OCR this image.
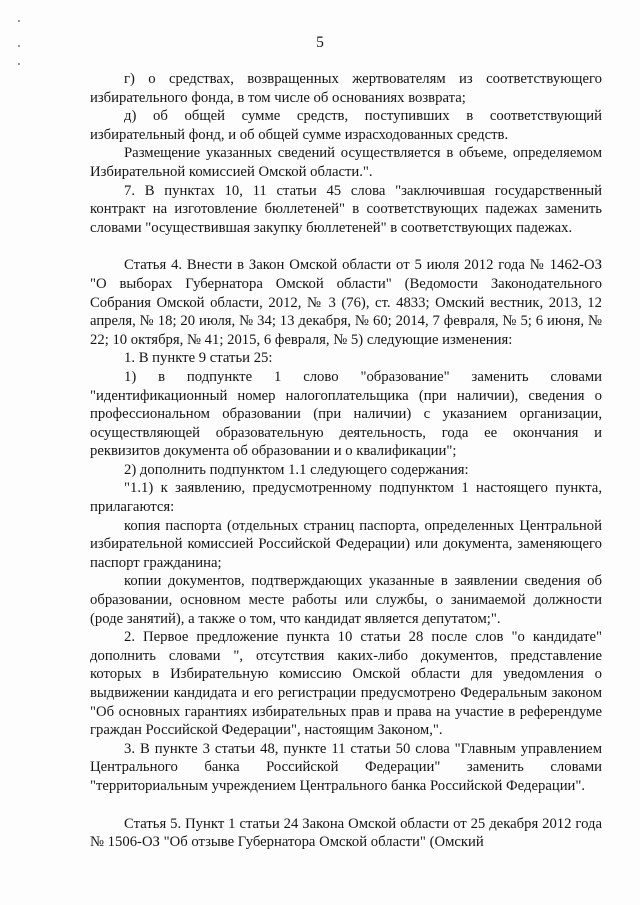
5

г) о средствах, возвращенных жертвователям из соответствующего избирательного фонда, в том числе об основаниях возврата;

д) об общей сумме средств, поступивших в соответствующий избирательный фонд, и об общей сумме израсходованных средств.

Размещение указанных сведений осуществляется в объеме, определяемом Избирательной комиссией Омской области.".

7. В пунктах 10, 11 статьи 45 слова "заключившая государственный контракт на изготовление бюллетеней" в соответствующих падежах заменить словами "осуществившая закупку бюллетеней" в соответствующих падежах.

Статья 4. Внести в Закон Омской области от 5 июля 2012 года № 1462-ОЗ "О выборах Губернатора Омской области" (Ведомости Законодательного Собрания Омской области, 2012, № 3 (76), ст. 4833; Омский вестник, 2013, 12 апреля, № 18; 20 июля, № 34; 13 декабря, № 60; 2014, 7 февраля, № 5; 6 июня, № 22; 10 октября, № 41; 2015, 6 февраля, № 5) следующие изменения:

1. В пункте 9 статьи 25:

1) в подпункте 1 слово "образование" заменить словами "идентификационный номер налогоплательщика (при наличии), сведения о профессиональном образовании (при наличии) с указанием организации, осуществляющей образовательную деятельность, года ее окончания и реквизитов документа об образовании и о квалификации";

2) дополнить подпунктом 1.1 следующего содержания:

"1.1) к заявлению, предусмотренному подпунктом 1 настоящего пункта, прилагаются:

копия паспорта (отдельных страниц паспорта, определенных Центральной избирательной комиссией Российской Федерации) или документа, заменяющего паспорт гражданина;

копии документов, подтверждающих указанные в заявлении сведения об образовании, основном месте работы или службы, о занимаемой должности (роде занятий), а также о том, что кандидат является депутатом;".

2. Первое предложение пункта 10 статьи 28 после слов "о кандидате" дополнить словами ", отсутствия каких-либо документов, представление которых в Избирательную комиссию Омской области для уведомления о выдвижении кандидата и его регистрации предусмотрено Федеральным законом "Об основных гарантиях избирательных прав и права на участие в референдуме граждан Российской Федерации", настоящим Законом,".

3. В пункте 3 статьи 48, пункте 11 статьи 50 слова "Главным управлением Центрального банка Российской Федерации" заменить словами "территориальным учреждением Центрального банка Российской Федерации".

Статья 5. Пункт 1 статьи 24 Закона Омской области от 25 декабря 2012 года № 1506-ОЗ "Об отзыве Губернатора Омской области" (Омский
